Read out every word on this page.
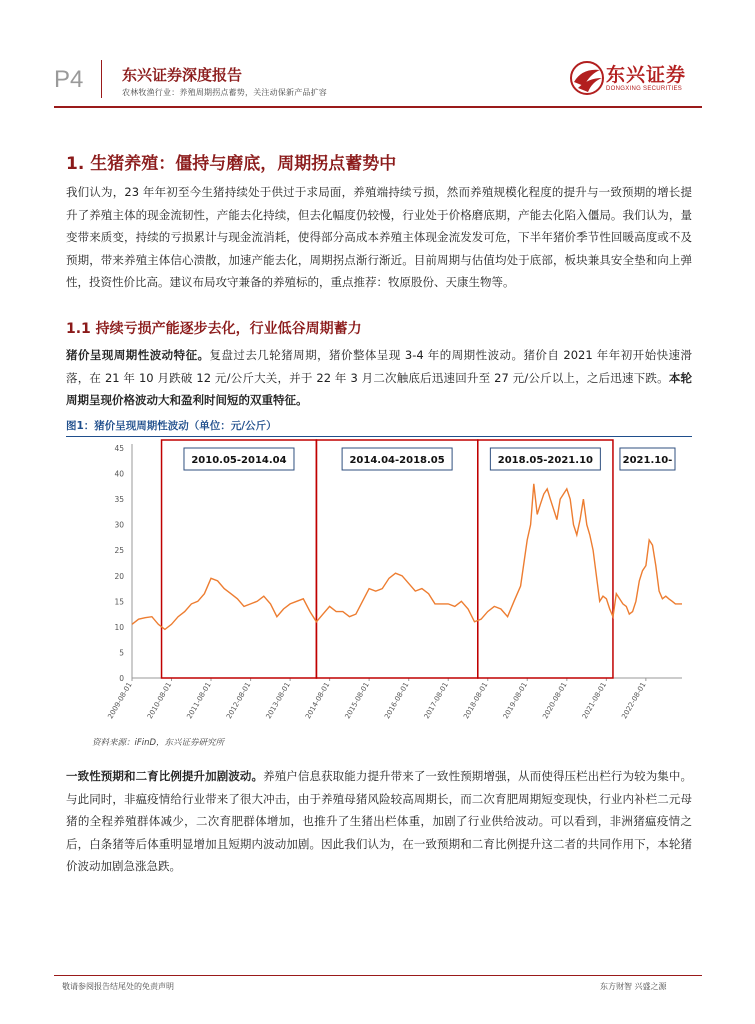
P4	东兴证券深度报告
农林牧渔行业：养殖周期拐点蓄势，关注动保新产品扩容
东兴证券
DONGXING SECURITIES
1. 生猪养殖：僵持与磨底，周期拐点蓄势中
我们认为，23 年年初至今生猪持续处于供过于求局面，养殖端持续亏损，然而养殖规模化程度的提升与一致预期的增长提升了养殖主体的现金流韧性，产能去化持续，但去化幅度仍较慢，行业处于价格磨底期，产能去化陷入僵局。我们认为，量变带来质变，持续的亏损累计与现金流消耗，使得部分高成本养殖主体现金流发发可危，下半年猪价季节性回暖高度或不及预期，带来养殖主体信心溃散，加速产能去化，周期拐点渐行渐近。目前周期与估值均处于底部，板块兼具安全垫和向上弹性，投资性价比高。建议布局攻守兼备的养殖标的，重点推荐：牧原股份、天康生物等。
1.1 持续亏损产能逐步去化，行业低谷周期蓄力
猪价呈现周期性波动特征。复盘过去几轮猪周期，猪价整体呈现 3-4 年的周期性波动。猪价自 2021 年年初开始快速滑落，在 21 年 10 月跌破 12 元/公斤大关，并于 22 年 3 月二次触底后迅速回升至 27 元/公斤以上，之后迅速下跌。本轮周期呈现价格波动大和盈利时间短的双重特征。
图1：猪价呈现周期性波动（单位：元/公斤）
0
5
10
15
20
25
30
35
40
45
2009-08-01 2010-08-01 2011-08-01 2012-08-01 2013-08-01 2014-08-01 2015-08-01 2016-08-01 2017-08-01 2018-08-01 2019-08-01 2020-08-01 2021-08-01 2022-08-01
2010.05-2014.04	2014.04-2018.05	2018.05-2021.10	2021.10-
资料来源：iFinD，东兴证券研究所
一致性预期和二育比例提升加剧波动。养殖户信息获取能力提升带来了一致性预期增强，从而使得压栏出栏行为较为集中。与此同时，非瘟疫情给行业带来了很大冲击，由于养殖母猪风险较高周期长，而二次育肥周期短变现快，行业内补栏二元母猪的全程养殖群体减少，二次育肥群体增加，也推升了生猪出栏体重，加剧了行业供给波动。可以看到，非洲猪瘟疫情之后，白条猪等后体重明显增加且短期内波动加剧。因此我们认为，在一致预期和二育比例提升这二者的共同作用下，本轮猪价波动加剧急涨急跌。
敬请参阅报告结尾处的免责声明	东方财智 兴盛之源
